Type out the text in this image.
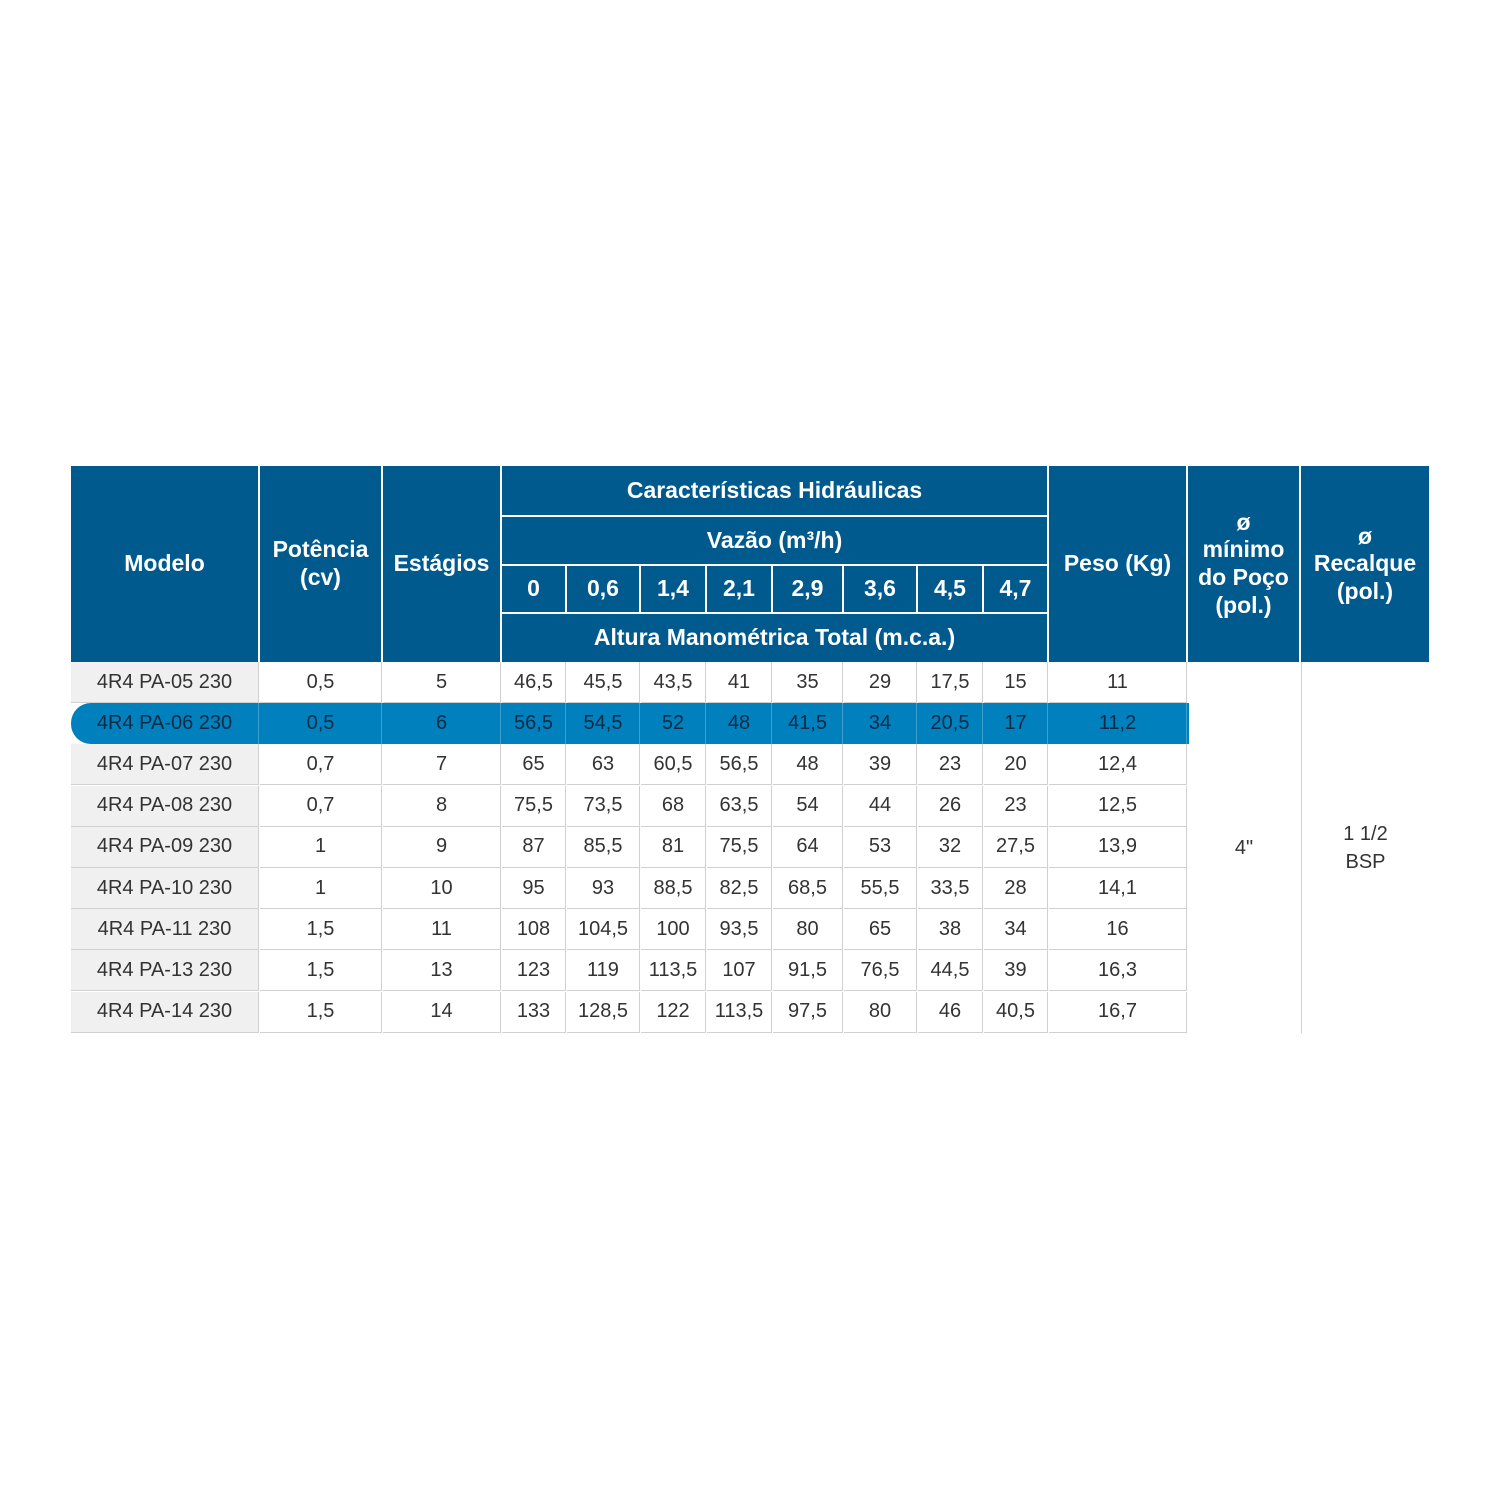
Modelo
Potência
(cv)
Estágios
Características Hidráulicas
Vazão (m³/h)
0	0,6	1,4	2,1	2,9	3,6	4,5	4,7
Altura Manométrica Total (m.c.a.)
Peso (Kg)
ø
mínimo
do Poço
(pol.)
ø
Recalque
(pol.)
4R4 PA-05 230	0,5	5	46,5	45,5	43,5	41	35	29	17,5	15	11
4R4 PA-06 230	0,5	6	56,5	54,5	52	48	41,5	34	20,5	17	11,2
4R4 PA-07 230	0,7	7	65	63	60,5	56,5	48	39	23	20	12,4
4R4 PA-08 230	0,7	8	75,5	73,5	68	63,5	54	44	26	23	12,5
4R4 PA-09 230	1	9	87	85,5	81	75,5	64	53	32	27,5	13,9
4R4 PA-10 230	1	10	95	93	88,5	82,5	68,5	55,5	33,5	28	14,1
4R4 PA-11 230	1,5	11	108	104,5	100	93,5	80	65	38	34	16
4R4 PA-13 230	1,5	13	123	119	113,5	107	91,5	76,5	44,5	39	16,3
4R4 PA-14 230	1,5	14	133	128,5	122	113,5	97,5	80	46	40,5	16,7
4"
1 1/2
BSP
